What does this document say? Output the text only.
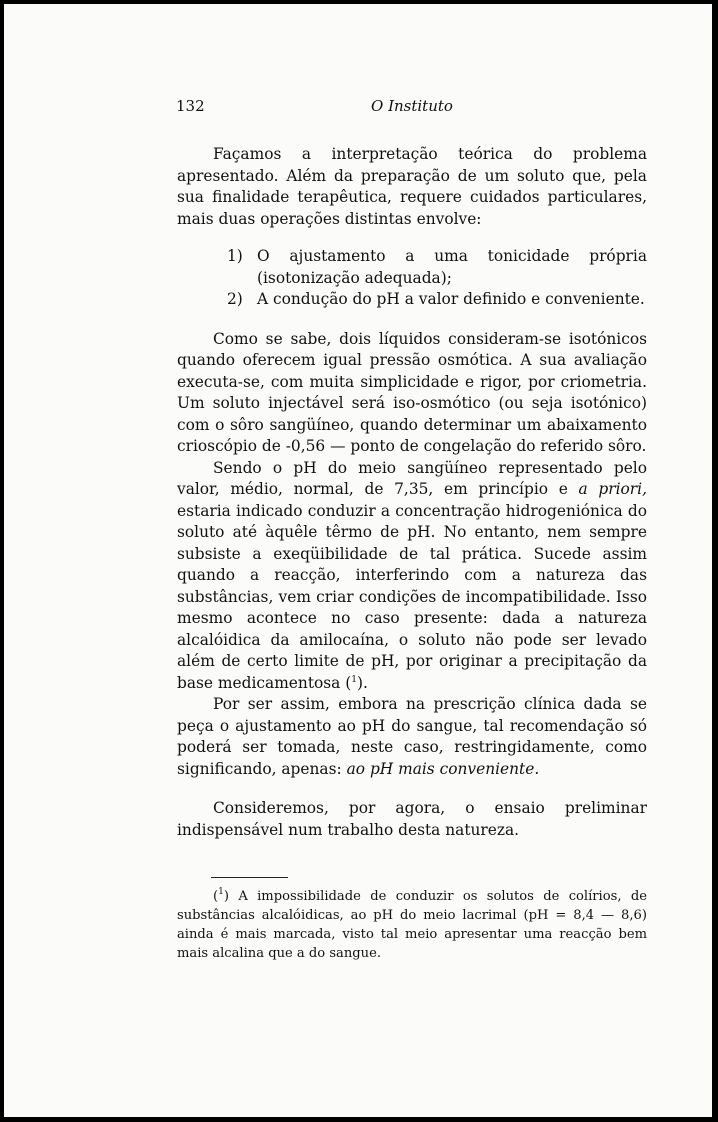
132	O Instituto

Façamos a interpretação teórica do problema apresentado. Além da preparação de um soluto que, pela sua finalidade terapêutica, requere cuidados particulares, mais duas operações distintas envolve:

1) O ajustamento a uma tonicidade própria (isotonização adequada);

2) A condução do pH a valor definido e conveniente.

Como se sabe, dois líquidos consideram-se isotónicos quando oferecem igual pressão osmótica. A sua avaliação executa-se, com muita simplicidade e rigor, por criometria. Um soluto injectável será iso-osmótico (ou seja isotónico) com o sôro sangüíneo, quando determinar um abaixamento crioscópio de -0,56 — ponto de congelação do referido sôro.

Sendo o pH do meio sangüíneo representado pelo valor, médio, normal, de 7,35, em princípio e a priori, estaria indicado conduzir a concentração hidrogeniónica do soluto até àquêle têrmo de pH. No entanto, nem sempre subsiste a exeqüibilidade de tal prática. Sucede assim quando a reacção, interferindo com a natureza das substâncias, vem criar condições de incompatibilidade. Isso mesmo acontece no caso presente: dada a natureza alcalóidica da amilocaína, o soluto não pode ser levado além de certo limite de pH, por originar a precipitação da base medicamentosa ($^1$).

Por ser assim, embora na prescrição clínica dada se peça o ajustamento ao pH do sangue, tal recomendação só poderá ser tomada, neste caso, restringidamente, como significando, apenas: ao pH mais conveniente.

Consideremos, por agora, o ensaio preliminar indispensável num trabalho desta natureza.

($^1$) A impossibilidade de conduzir os solutos de colírios, de substâncias alcalóidicas, ao pH do meio lacrimal (pH = 8,4 — 8,6) ainda é mais marcada, visto tal meio apresentar uma reacção bem mais alcalina que a do sangue.
